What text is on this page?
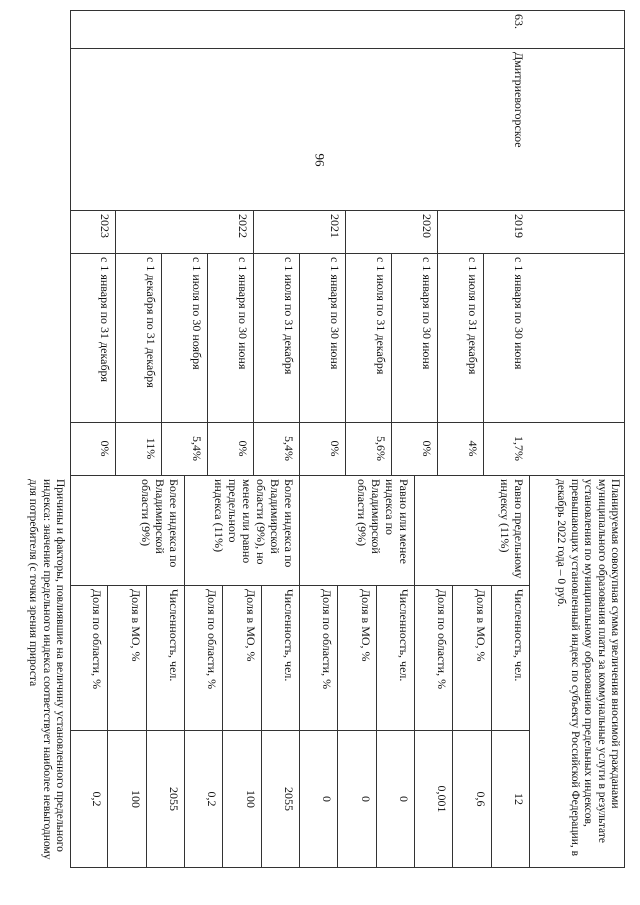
96
63.
Дмитриевогорское
2019
2020
2021
2022
2023
с 1 января по 30 июня
1,7%
с 1 июля по 31 декабря
4%
с 1 января по 30 июня
0%
с 1 июля по 31 декабря
5,6%
с 1 января по 30 июня
0%
с 1 июля по 31 декабря
5,4%
с 1 января по 30 июня
0%
с 1 июля по 30 ноября
5,4%
с 1 декабря по 31 декабря
11%
с 1 января по 31 декабря
0%
Планируемая совокупная сумма увеличения вносимой гражданами муниципального образования платы за коммунальные услуги в результате установления по муниципальному образованию предельных индексов, превышающих установленный индекс по субъекту Российской Федерации, в декабрь 2022 года – 0 руб.
Равно предельному индексу (11%)
Равно или менее индекса по Владимирской области (9%)
Более индекса по Владимирской области (9%), но менее или равно предельного индекса (11%)
Более индекса по Владимирской области (9%)
Численность, чел.
12
Доля в МО, %
0,6
Доля по области, %
0,001
Численность, чел.
0
Доля в МО, %
0
Доля по области, %
0
Численность, чел.
2055
Доля в МО, %
100
Доля по области, %
0,2
Численность, чел.
2055
Доля в МО, %
100
Доля по области, %
0,2
Причины и факторы, повлиявшие на величину установленного предельного индекса: значение предельного индекса соответствует наиболее невыгодному для потребителя (с точки зрения прироста
